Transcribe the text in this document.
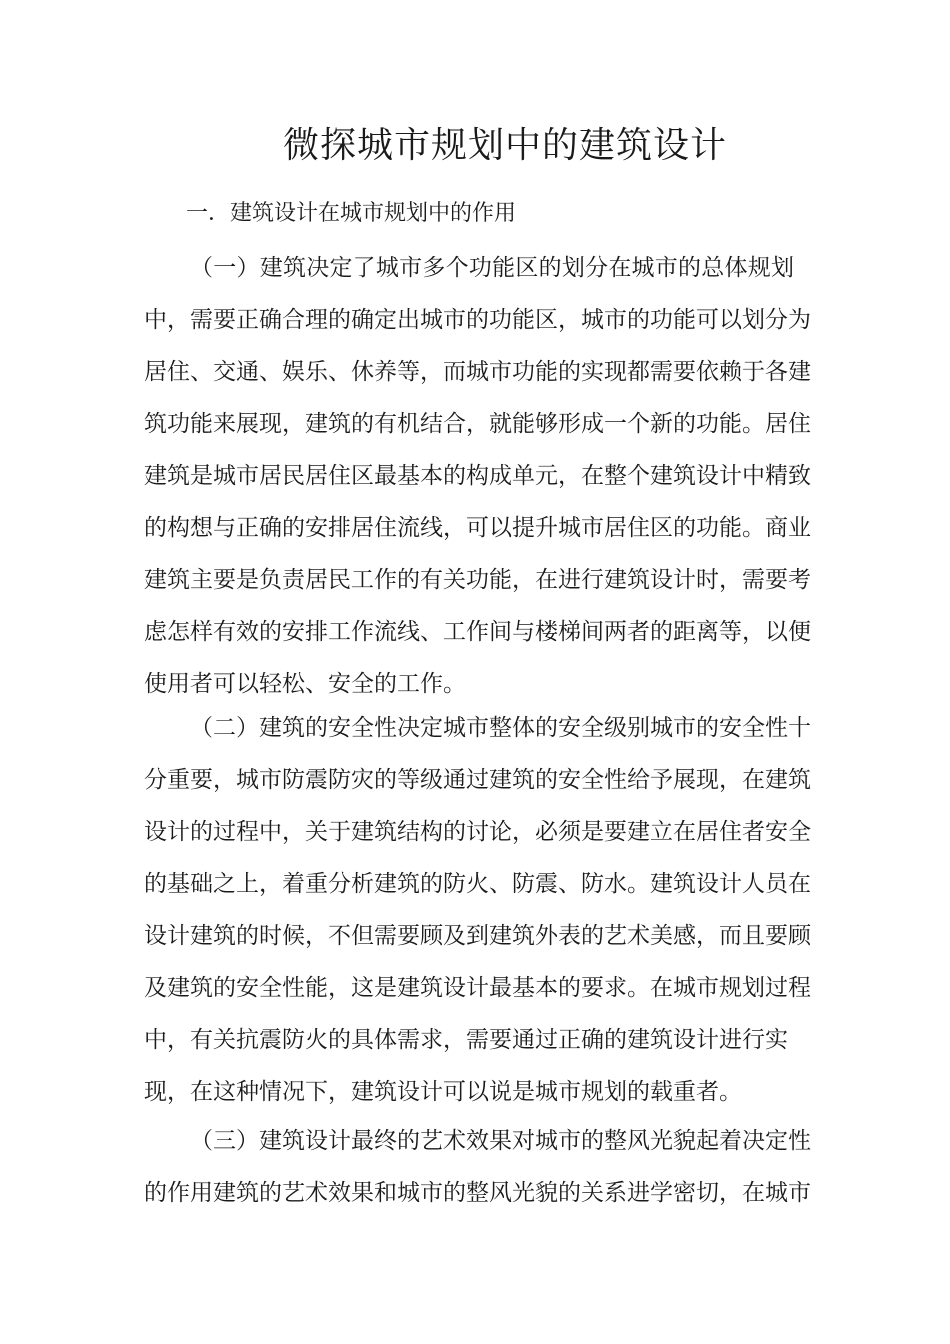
微探城市规划中的建筑设计
一．建筑设计在城市规划中的作用
（一）建筑决定了城市多个功能区的划分在城市的总体规划
中，需要正确合理的确定出城市的功能区，城市的功能可以划分为
居住、交通、娱乐、休养等，而城市功能的实现都需要依赖于各建
筑功能来展现，建筑的有机结合，就能够形成一个新的功能。居住
建筑是城市居民居住区最基本的构成单元，在整个建筑设计中精致
的构想与正确的安排居住流线，可以提升城市居住区的功能。商业
建筑主要是负责居民工作的有关功能，在进行建筑设计时，需要考
虑怎样有效的安排工作流线、工作间与楼梯间两者的距离等，以便
使用者可以轻松、安全的工作。
（二）建筑的安全性决定城市整体的安全级别城市的安全性十
分重要，城市防震防灾的等级通过建筑的安全性给予展现，在建筑
设计的过程中，关于建筑结构的讨论，必须是要建立在居住者安全
的基础之上，着重分析建筑的防火、防震、防水。建筑设计人员在
设计建筑的时候，不但需要顾及到建筑外表的艺术美感，而且要顾
及建筑的安全性能，这是建筑设计最基本的要求。在城市规划过程
中，有关抗震防火的具体需求，需要通过正确的建筑设计进行实
现，在这种情况下，建筑设计可以说是城市规划的载重者。
（三）建筑设计最终的艺术效果对城市的整风光貌起着决定性
的作用建筑的艺术效果和城市的整风光貌的关系进学密切，在城市
